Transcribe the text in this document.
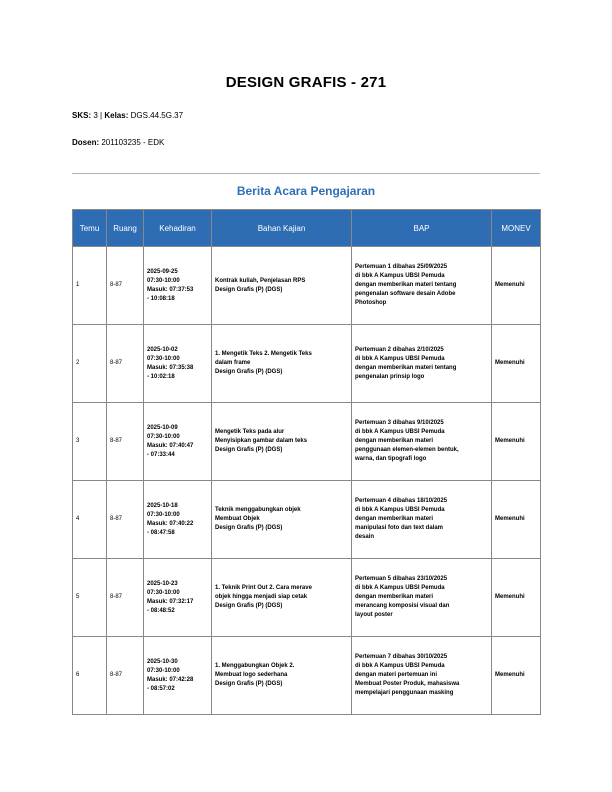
DESIGN GRAFIS - 271
SKS: 3 | Kelas: DGS.44.5G.37
Dosen: 201103235 - EDK
Berita Acara Pengajaran
Temu	Ruang	Kehadiran	Bahan Kajian	BAP	MONEV
1	8-87	2025-09-25
07:30-10:00
Masuk: 07:37:53
- 10:08:18	Kontrak kuliah, Penjelasan RPS
Design Grafis (P) (DGS)	Pertemuan 1 dibahas 25/09/2025
di bbk A Kampus UBSI Pemuda
dengan memberikan materi tentang
pengenalan software desain Adobe
Photoshop	Memenuhi
2	8-87	2025-10-02
07:30-10:00
Masuk: 07:35:38
- 10:02:18	1. Mengetik Teks 2. Mengetik Teks
dalam frame
Design Grafis (P) (DGS)	Pertemuan 2 dibahas 2/10/2025
di bbk A Kampus UBSI Pemuda
dengan memberikan materi tentang
pengenalan prinsip logo	Memenuhi
3	8-87	2025-10-09
07:30-10:00
Masuk: 07:40:47
- 07:33:44	Mengetik Teks pada alur
Menyisipkan gambar dalam teks
Design Grafis (P) (DGS)	Pertemuan 3 dibahas 9/10/2025
di bbk A Kampus UBSI Pemuda
dengan memberikan materi
penggunaan elemen-elemen bentuk,
warna, dan tipografi logo	Memenuhi
4	8-87	2025-10-18
07:30-10:00
Masuk: 07:40:22
- 08:47:58	Teknik menggabungkan objek
Membuat Objek
Design Grafis (P) (DGS)	Pertemuan 4 dibahas 18/10/2025
di bbk A Kampus UBSI Pemuda
dengan memberikan materi
manipulasi foto dan text dalam
desain	Memenuhi
5	8-87	2025-10-23
07:30-10:00
Masuk: 07:32:17
- 08:48:52	1. Teknik Print Out 2. Cara merave
objek hingga menjadi siap cetak
Design Grafis (P) (DGS)	Pertemuan 5 dibahas 23/10/2025
di bbk A Kampus UBSI Pemuda
dengan memberikan materi
merancang komposisi visual dan
layout poster	Memenuhi
6	8-87	2025-10-30
07:30-10:00
Masuk: 07:42:28
- 08:57:02	1. Menggabungkan Objek 2.
Membuat logo sederhana
Design Grafis (P) (DGS)	Pertemuan 7 dibahas 30/10/2025
di bbk A Kampus UBSI Pemuda
dengan materi pertemuan ini
Membuat Poster Produk, mahasiswa
mempelajari penggunaan masking	Memenuhi
